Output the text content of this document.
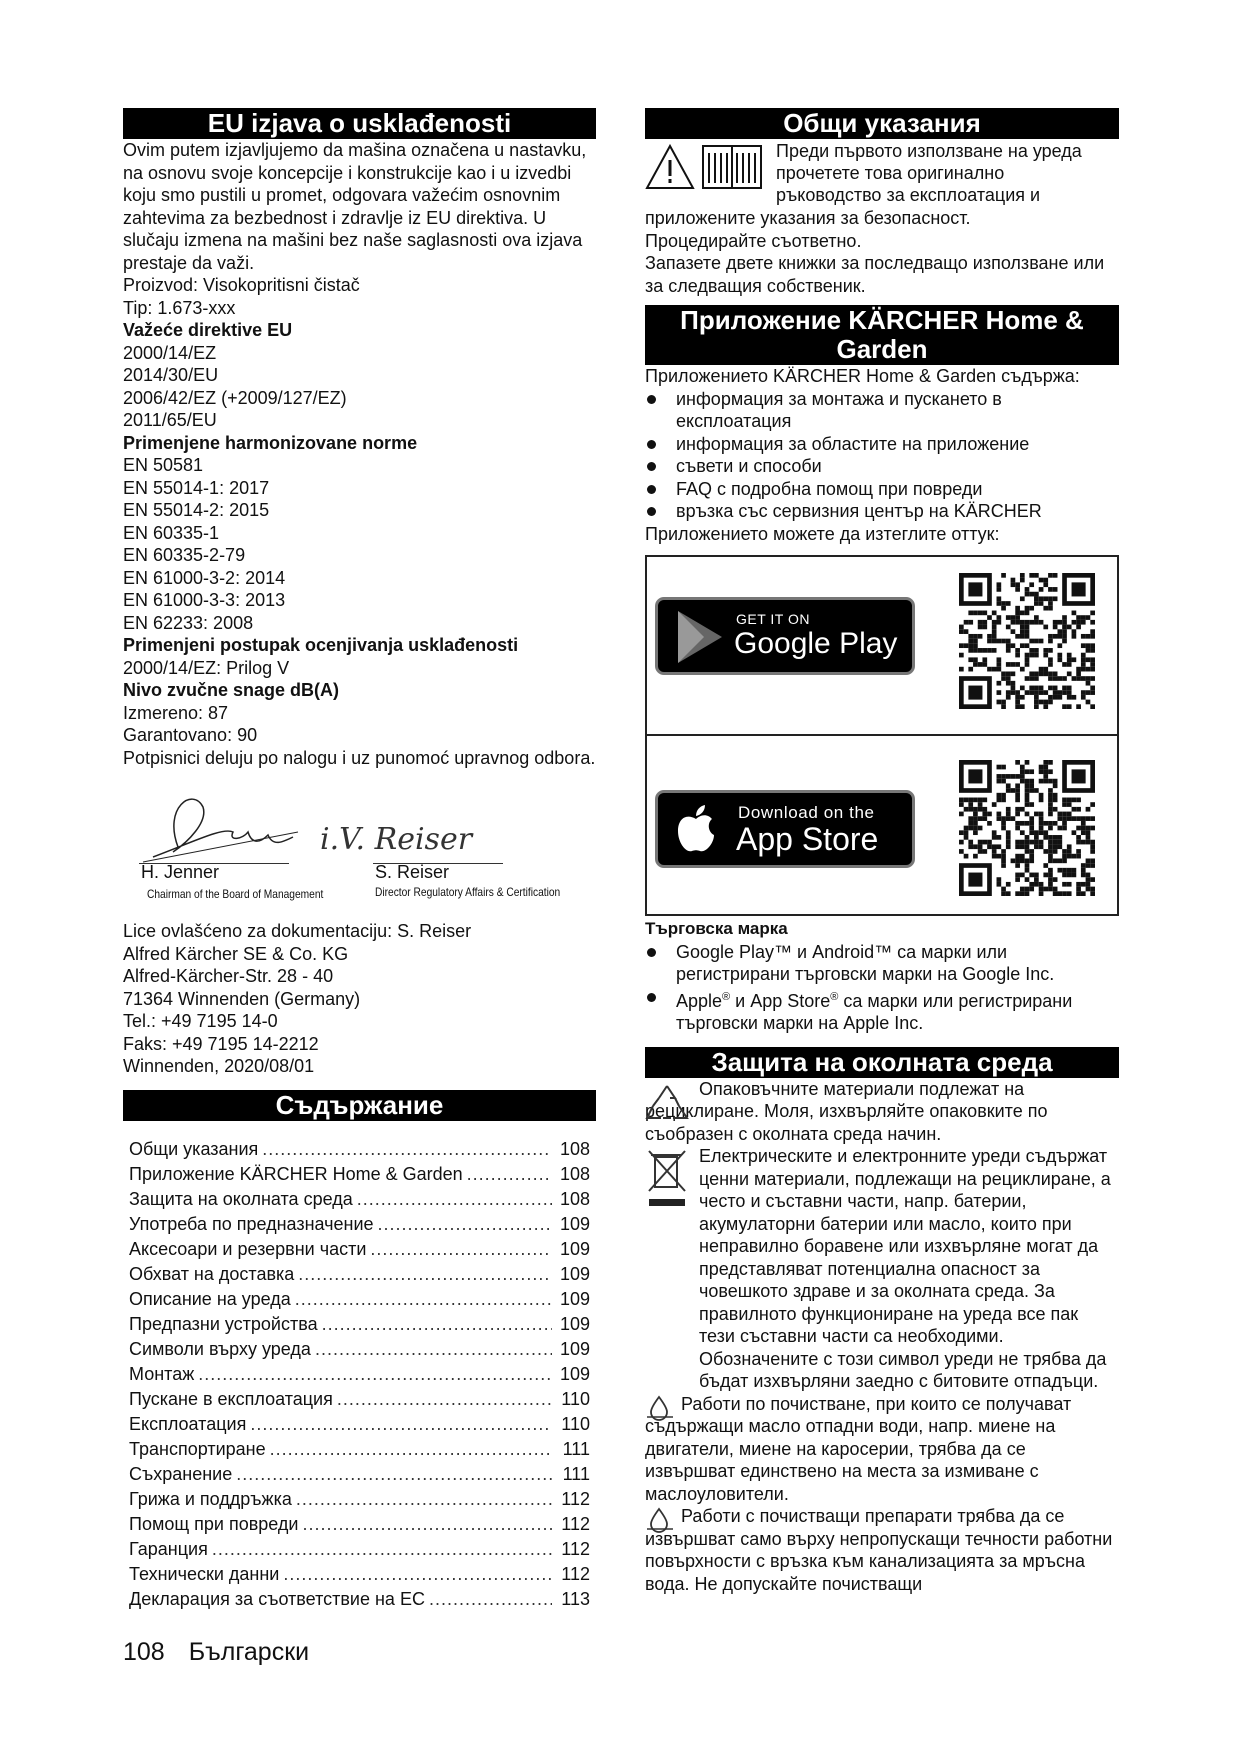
EU izjava o usklađenosti
Ovim putem izjavljujemo da mašina označena u nastavku, na osnovu svoje koncepcije i konstrukcije kao i u izvedbi koju smo pustili u promet, odgovara važećim osnovnim zahtevima za bezbednost i zdravlje iz EU direktiva. U slučaju izmena na mašini bez naše saglasnosti ova izjava prestaje da važi.
Proizvod: Visokopritisni čistač
Tip: 1.673-xxx
Važeće direktive EU
2000/14/EZ
2014/30/EU
2006/42/EZ (+2009/127/EZ)
2011/65/EU
Primenjene harmonizovane norme
EN 50581
EN 55014-1: 2017
EN 55014-2: 2015
EN 60335-1
EN 60335-2-79
EN 61000-3-2: 2014
EN 61000-3-3: 2013
EN 62233: 2008
Primenjeni postupak ocenjivanja usklađenosti
2000/14/EZ: Prilog V
Nivo zvučne snage dB(A)
Izmereno: 87
Garantovano: 90
Potpisnici deluju po nalogu i uz punomoć upravnog odbora.
i.V. Reiser
H. Jenner
Chairman of the Board of Management
S. Reiser
Director Regulatory Affairs & Certification
Lice ovlašćeno za dokumentaciju: S. Reiser
Alfred Kärcher SE & Co. KG
Alfred-Kärcher-Str. 28 - 40
71364 Winnenden (Germany)
Tel.: +49 7195 14-0
Faks: +49 7195 14-2212
Winnenden, 2020/08/01
Съдържание
Общи указания .....	108
Приложение KÄRCHER Home & Garden .....	108
Защита на околната среда .....	108
Употреба по предназначение .....	109
Аксесоари и резервни части .....	109
Обхват на доставка .....	109
Описание на уреда .....	109
Предпазни устройства .....	109
Символи върху уреда .....	109
Монтаж .....	109
Пускане в експлоатация .....	110
Експлоатация .....	110
Транспортиране .....	111
Съхранение .....	111
Грижа и поддръжка .....	112
Помощ при повреди .....	112
Гаранция .....	112
Технически данни .....	112
Декларация за съответствие на ЕС .....	113
Общи указания
Преди първото използване на уреда
прочетете това оригинално
ръководство за експлоатация и
приложените указания за безопасност.
Процедирайте съответно.
Запазете двете книжки за последващо използване или за следващия собственик.
Приложение KÄRCHER Home & Garden
Приложението KÄRCHER Home & Garden съдържа:
информация за монтажа и пускането в експлоатация
информация за областите на приложение
съвети и способи
FAQ с подробна помощ при повреди
връзка със сервизния център на KÄRCHER
Приложението можете да изтеглите оттук:
GET IT ON
Google Play
Download on the
App Store
Търговска марка
Google Play™ и Android™ са марки или регистрирани търговски марки на Google Inc.
Apple® и App Store® са марки или регистрирани търговски марки на Apple Inc.
Защита на околната среда
Опаковъчните материали подлежат на рециклиране. Моля, изхвърляйте опаковките по съобразен с околната среда начин.
Електрическите и електронните уреди съдържат ценни материали, подлежащи на рециклиране, а често и съставни части, напр. батерии, акумулаторни батерии или масло, които при неправилно боравене или изхвърляне могат да представляват потенциална опасност за човешкото здраве и за околната среда. За правилното функциониране на уреда все пак тези съставни части са необходими. Обозначените с този символ уреди не трябва да бъдат изхвърляни заедно с битовите отпадъци.
Работи по почистване, при които се получават съдържащи масло отпадни води, напр. миене на двигатели, миене на каросерии, трябва да се извършват единствено на места за измиване с маслоуловители.
Работи с почистващи препарати трябва да се извършват само върху непропускащи течности работни повърхности с връзка към канализацията за мръсна вода. Не допускайте почистващи
108 Български
